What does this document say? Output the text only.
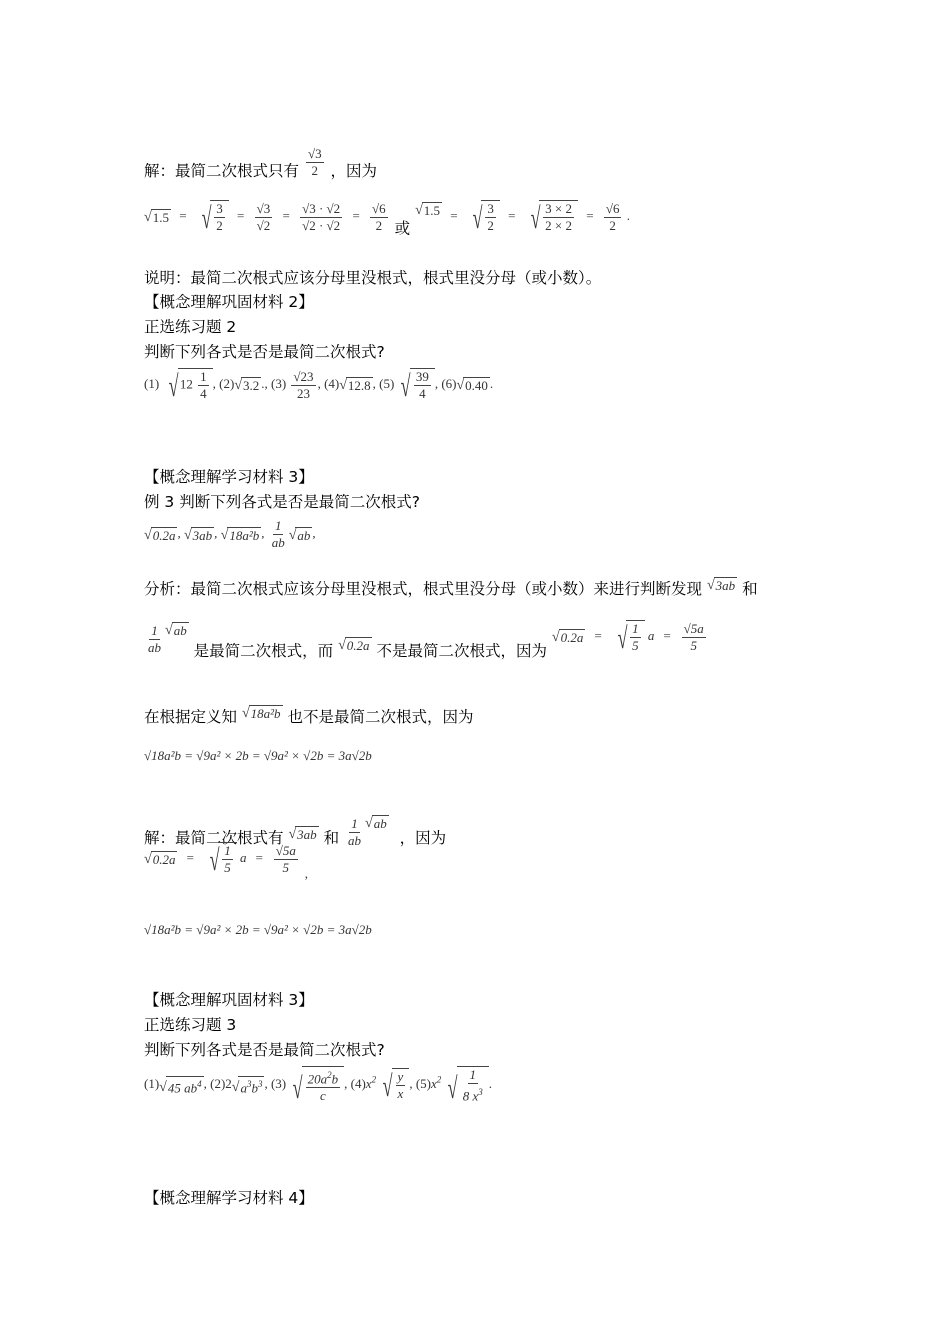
解：最简二次根式只有 $\frac{√3}{2}$ ，因为
√ 1.5 = √ $\frac{3}{2} = \frac{√3}{√2} = \frac{√3 \cdot √2}{√2 \cdot √2} = \frac{√6}{2}$ 或
√ 1.5 = √ $\frac{3}{2}$ = √ $\frac{3 \times 2}{2 \times 2} = \frac{√6}{2}$ .
说明：最简二次根式应该分母里没根式，根式里没分母（或小数）。
【概念理解巩固材料 2】
正选练习题 2
判断下列各式是否是最简二次根式?
(1) √ $12 \frac{1}{4}$ , (2) √ 3.2 ., $(3) \frac{√23}{23}$ , (4) √ 12.8 , (5) √ $\frac{39}{4}$ , (6) √ 0.40 .
【概念理解学习材料 3】
例 3 判断下列各式是否是最简二次根式?
√ 0.2a , √ 3ab , √ 18a²b , $\frac{1}{ab}$ √ ab ,
分析：最简二次根式应该分母里没根式，根式里没分母（或小数）来进行判断发现 √ 3ab 和
$\frac{1}{ab}$ √ ab
是最简二次根式，而 √ 0.2a 不是最简二次根式，因为
√ 0.2a = √ $\frac{1}{5}$ $a = \frac{√5a}{5}$
在根据定义知 √ 18a²b 也不是最简二次根式，因为
√18a²b = √9a² × 2b = √9a² × √2b = 3a√2b
解：最简二次根式有 √ 3ab 和 $\frac{1}{ab}$ √ ab
，因为
√ 0.2a = √ $\frac{1}{5}$ $a = \frac{√5a}{5}$ ,
√18a²b = √9a² × 2b = √9a² × √2b = 3a√2b
【概念理解巩固材料 3】
正选练习题 3
判断下列各式是否是最简二次根式?
(1) √ 45 $ab^4$ , (2)2 √ $a^3b^3$ , (3) √ $\frac{20a^2b}{c}$ , $(4)x^2$ √ $\frac{y}{x}$ , $(5)x^2$ √ $\frac{1}{8 x^3}$ .
【概念理解学习材料 4】
